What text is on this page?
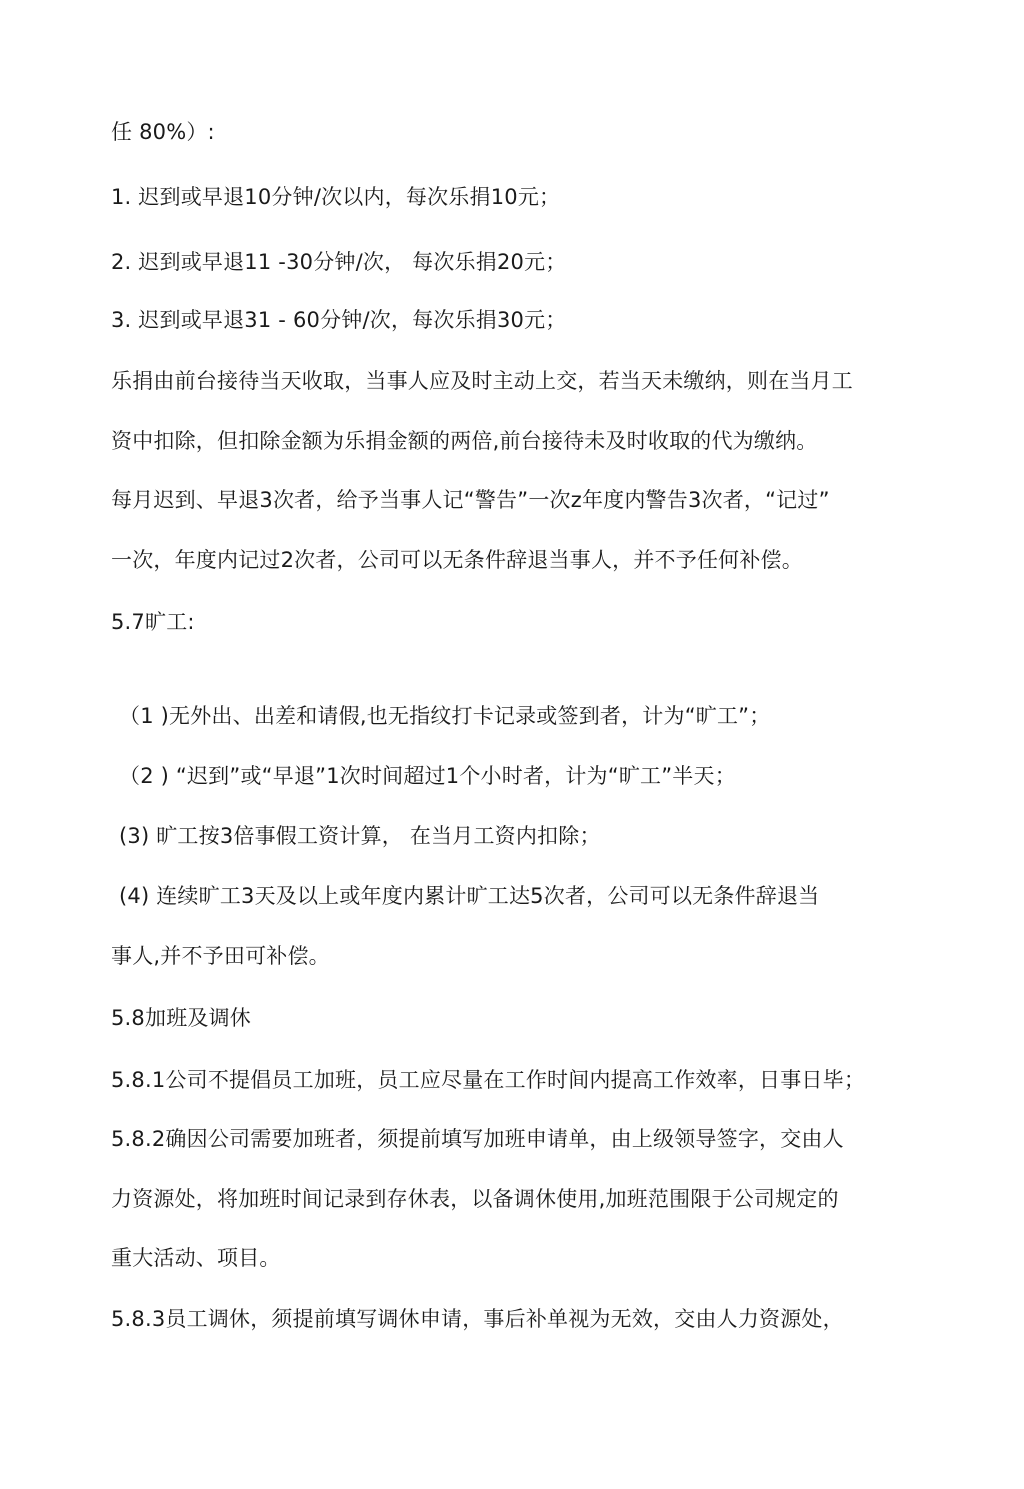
任 80%）:
1. 迟到或早退10分钟/次以内，每次乐捐10元；
2. 迟到或早退11 -30分钟/次， 每次乐捐20元；
3. 迟到或早退31 - 60分钟/次，每次乐捐30元；
乐捐由前台接待当天收取，当事人应及时主动上交，若当天未缴纳，则在当月工
资中扣除，但扣除金额为乐捐金额的两倍,前台接待未及时收取的代为缴纳。
每月迟到、早退3次者，给予当事人记“警告”一次z年度内警告3次者，“记过”
一次，年度内记过2次者，公司可以无条件辞退当事人，并不予任何补偿。
5.7旷工:
（1 )无外出、出差和请假,也无指纹打卡记录或签到者，计为“旷工”；
（2 ) “迟到”或“早退”1次时间超过1个小时者，计为“旷工”半天；
(3) 旷工按3倍事假工资计算， 在当月工资内扣除；
(4) 连续旷工3天及以上或年度内累计旷工达5次者，公司可以无条件辞退当
事人,并不予田可补偿。
5.8加班及调休
5.8.1公司不提倡员工加班，员工应尽量在工作时间内提高工作效率，日事日毕；
5.8.2确因公司需要加班者，须提前填写加班申请单，由上级领导签字，交由人
力资源处，将加班时间记录到存休表，以备调休使用,加班范围限于公司规定的
重大活动、项目。
5.8.3员工调休，须提前填写调休申请，事后补单视为无效，交由人力资源处，
